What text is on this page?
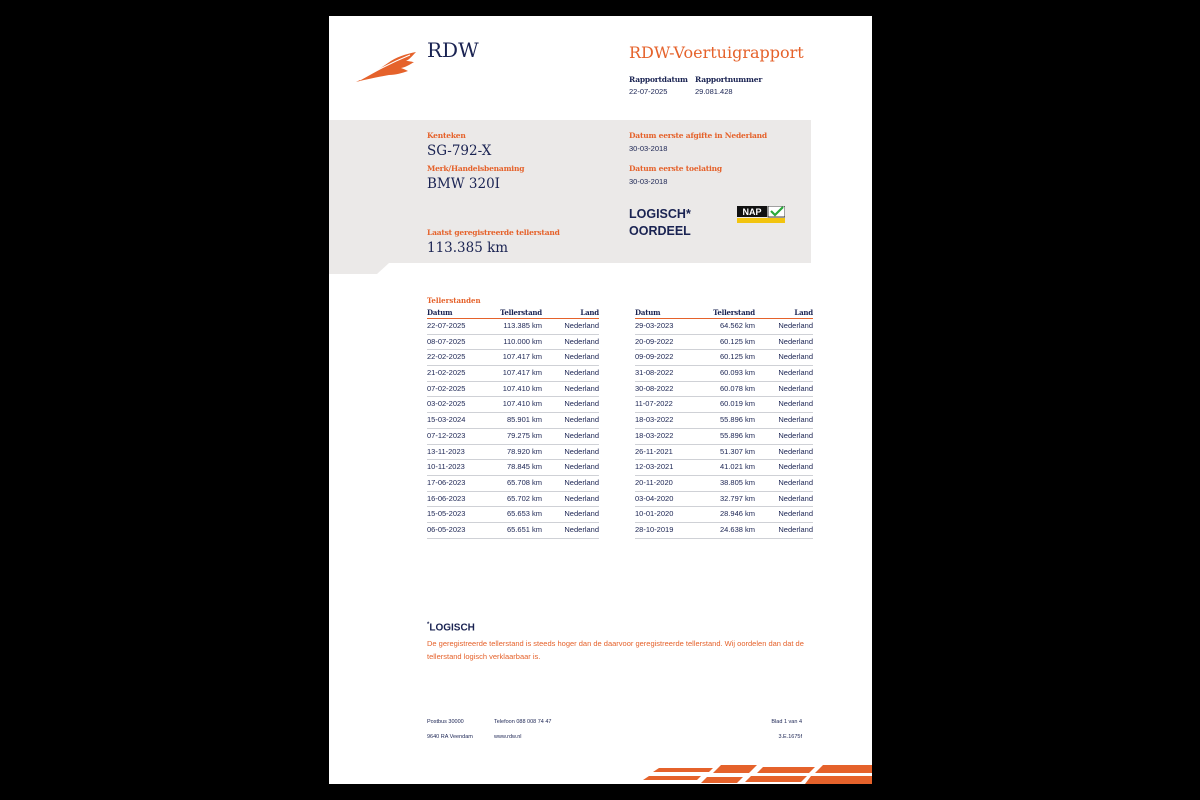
RDW	RDW-Voertuigrapport
Rapportdatum
22-07-2025
Rapportnummer
29.081.428
Kenteken
SG-792-X
Merk/Handelsbenaming
BMW 320I
Laatst geregistreerde tellerstand
113.385 km
Datum eerste afgifte in Nederland
30-03-2018
Datum eerste toelating
30-03-2018
LOGISCH*
OORDEEL
NAP
Tellerstanden
Datum	Tellerstand	Land
22-07-2025	113.385 km	Nederland
08-07-2025	110.000 km	Nederland
22-02-2025	107.417 km	Nederland
21-02-2025	107.417 km	Nederland
07-02-2025	107.410 km	Nederland
03-02-2025	107.410 km	Nederland
15-03-2024	85.901 km	Nederland
07-12-2023	79.275 km	Nederland
13-11-2023	78.920 km	Nederland
10-11-2023	78.845 km	Nederland
17-06-2023	65.708 km	Nederland
16-06-2023	65.702 km	Nederland
15-05-2023	65.653 km	Nederland
06-05-2023	65.651 km	Nederland
Datum	Tellerstand	Land
29-03-2023	64.562 km	Nederland
20-09-2022	60.125 km	Nederland
09-09-2022	60.125 km	Nederland
31-08-2022	60.093 km	Nederland
30-08-2022	60.078 km	Nederland
11-07-2022	60.019 km	Nederland
18-03-2022	55.896 km	Nederland
18-03-2022	55.896 km	Nederland
26-11-2021	51.307 km	Nederland
12-03-2021	41.021 km	Nederland
20-11-2020	38.805 km	Nederland
03-04-2020	32.797 km	Nederland
10-01-2020	28.946 km	Nederland
28-10-2019	24.638 km	Nederland
*LOGISCH
De geregistreerde tellerstand is steeds hoger dan de daarvoor geregistreerde tellerstand. Wij oordelen dan dat de tellerstand logisch verklaarbaar is.
Postbus 30000
9640 RA Veendam
Telefoon 088 008 74 47
www.rdw.nl
Blad 1 van 4
3.E.1675f
